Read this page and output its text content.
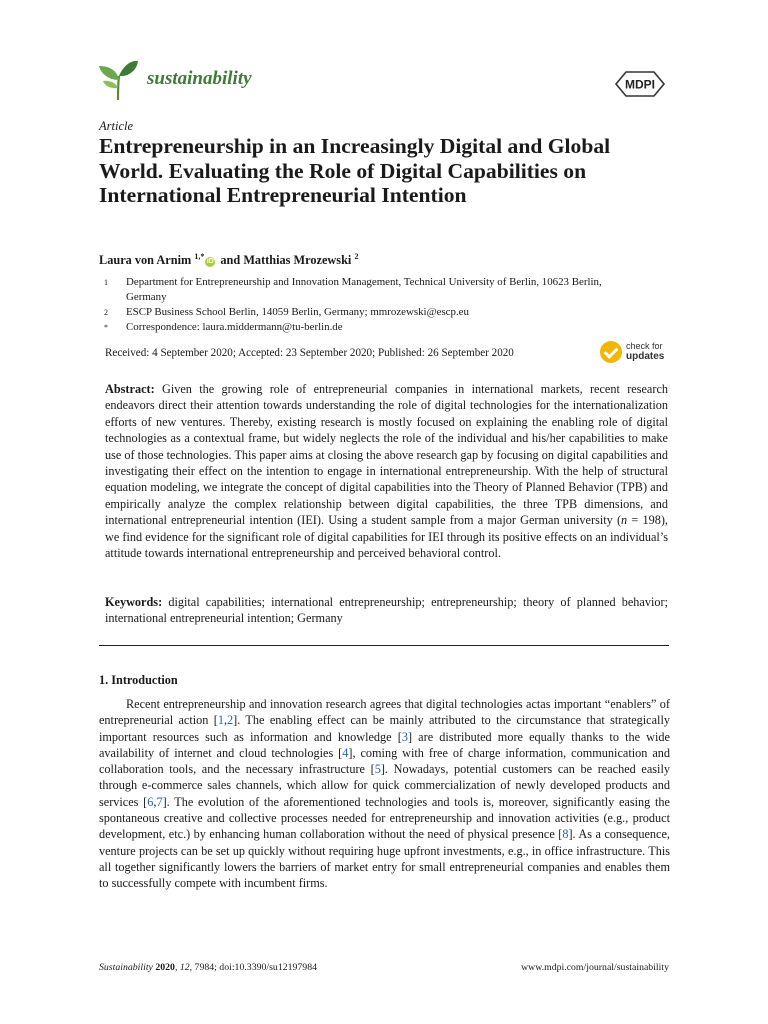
sustainability	MDPI
Article
Entrepreneurship in an Increasingly Digital and Global World. Evaluating the Role of Digital Capabilities on International Entrepreneurial Intention
Laura von Arnim $^{1,*}$iD and Matthias Mrozewski $^2$
1 Department for Entrepreneurship and Innovation Management, Technical University of Berlin, 10623 Berlin, Germany
2 ESCP Business School Berlin, 14059 Berlin, Germany; mmrozewski@escp.eu
* Correspondence: laura.middermann@tu-berlin.de
Received: 4 September 2020; Accepted: 23 September 2020; Published: 26 September 2020
check for
updates

Abstract: Given the growing role of entrepreneurial companies in international markets, recent research endeavors direct their attention towards understanding the role of digital technologies for the internationalization efforts of new ventures. Thereby, existing research is mostly focused on explaining the enabling role of digital technologies as a contextual frame, but widely neglects the role of the individual and his/her capabilities to make use of those technologies. This paper aims at closing the above research gap by focusing on digital capabilities and investigating their effect on the intention to engage in international entrepreneurship. With the help of structural equation modeling, we integrate the concept of digital capabilities into the Theory of Planned Behavior (TPB) and empirically analyze the complex relationship between digital capabilities, the three TPB dimensions, and international entrepreneurial intention (IEI). Using a student sample from a major German university (n = 198), we find evidence for the significant role of digital capabilities for IEI through its positive effects on an individual’s attitude towards international entrepreneurship and perceived behavioral control.

Keywords: digital capabilities; international entrepreneurship; entrepreneurship; theory of planned behavior; international entrepreneurial intention; Germany

1. Introduction

Recent entrepreneurship and innovation research agrees that digital technologies actas important “enablers” of entrepreneurial action [1,2]. The enabling effect can be mainly attributed to the circumstance that strategically important resources such as information and knowledge [3] are distributed more equally thanks to the wide availability of internet and cloud technologies [4], coming with free of charge information, communication and collaboration tools, and the necessary infrastructure [5]. Nowadays, potential customers can be reached easily through e-commerce sales channels, which allow for quick commercialization of newly developed products and services [6,7]. The evolution of the aforementioned technologies and tools is, moreover, significantly easing the spontaneous creative and collective processes needed for entrepreneurship and innovation activities (e.g., product development, etc.) by enhancing human collaboration without the need of physical presence [8]. As a consequence, venture projects can be set up quickly without requiring huge upfront investments, e.g., in office infrastructure. This all together significantly lowers the barriers of market entry for small entrepreneurial companies and enables them to successfully compete with incumbent firms.

Sustainability 2020, 12, 7984; doi:10.3390/su12197984	www.mdpi.com/journal/sustainability
